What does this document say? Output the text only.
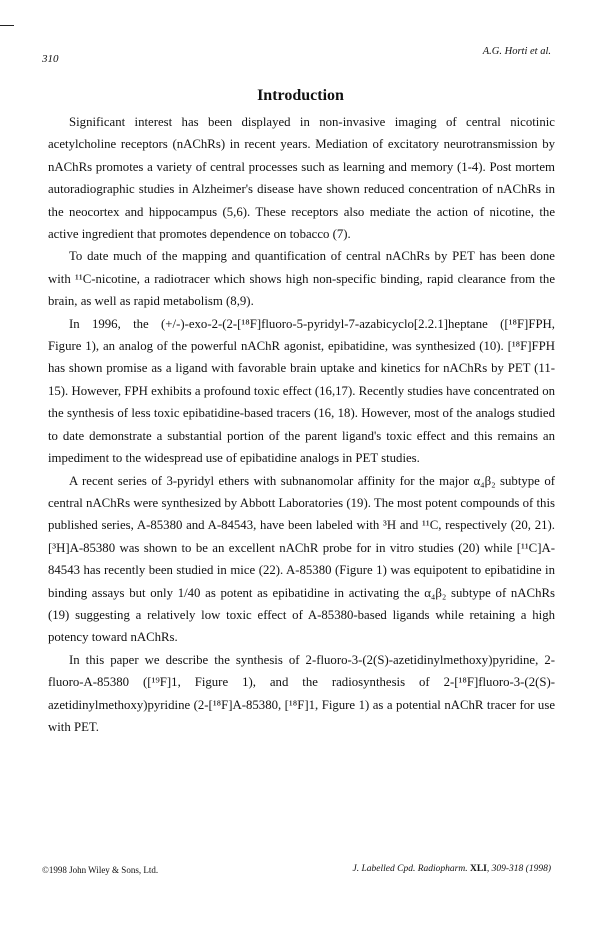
310
A.G. Horti et al.
Introduction

Significant interest has been displayed in non-invasive imaging of central nicotinic acetylcholine receptors (nAChRs) in recent years. Mediation of excitatory neurotransmission by nAChRs promotes a variety of central processes such as learning and memory (1-4). Post mortem autoradiographic studies in Alzheimer's disease have shown reduced concentration of nAChRs in the neocortex and hippocampus (5,6). These receptors also mediate the action of nicotine, the active ingredient that promotes dependence on tobacco (7).

To date much of the mapping and quantification of central nAChRs by PET has been done with ¹¹C-nicotine, a radiotracer which shows high non-specific binding, rapid clearance from the brain, as well as rapid metabolism (8,9).

In 1996, the (+/-)-exo-2-(2-[¹⁸F]fluoro-5-pyridyl-7-azabicyclo[2.2.1]heptane ([¹⁸F]FPH, Figure 1), an analog of the powerful nAChR agonist, epibatidine, was synthesized (10). [¹⁸F]FPH has shown promise as a ligand with favorable brain uptake and kinetics for nAChRs by PET (11-15). However, FPH exhibits a profound toxic effect (16,17). Recently studies have concentrated on the synthesis of less toxic epibatidine-based tracers (16, 18). However, most of the analogs studied to date demonstrate a substantial portion of the parent ligand's toxic effect and this remains an impediment to the widespread use of epibatidine analogs in PET studies.

A recent series of 3-pyridyl ethers with subnanomolar affinity for the major α₄β₂ subtype of central nAChRs were synthesized by Abbott Laboratories (19). The most potent compounds of this published series, A-85380 and A-84543, have been labeled with ³H and ¹¹C, respectively (20, 21). [³H]A-85380 was shown to be an excellent nAChR probe for in vitro studies (20) while [¹¹C]A-84543 has recently been studied in mice (22). A-85380 (Figure 1) was equipotent to epibatidine in binding assays but only 1/40 as potent as epibatidine in activating the α₄β₂ subtype of nAChRs (19) suggesting a relatively low toxic effect of A-85380-based ligands while retaining a high potency toward nAChRs.

In this paper we describe the synthesis of 2-fluoro-3-(2(S)-azetidinylmethoxy)pyridine, 2-fluoro-A-85380 ([¹⁹F]1, Figure 1), and the radiosynthesis of 2-[¹⁸F]fluoro-3-(2(S)-azetidinylmethoxy)pyridine (2-[¹⁸F]A-85380, [¹⁸F]1, Figure 1) as a potential nAChR tracer for use with PET.

©1998 John Wiley & Sons, Ltd.	J. Labelled Cpd. Radiopharm. XLI, 309-318 (1998)
